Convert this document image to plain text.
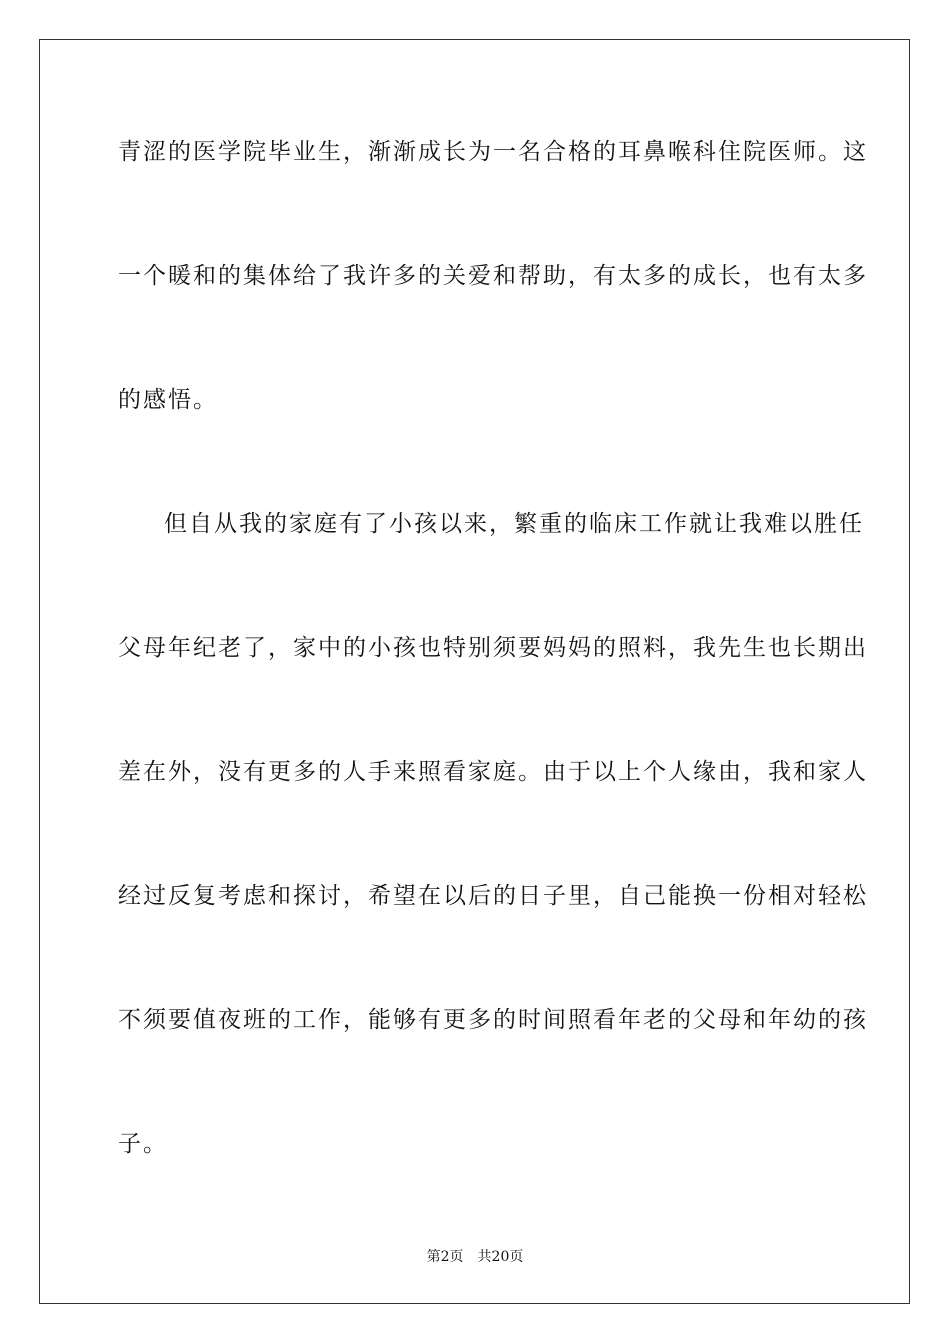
青涩的医学院毕业生，渐渐成长为一名合格的耳鼻喉科住院医师。这
一个暖和的集体给了我许多的关爱和帮助，有太多的成长，也有太多
的感悟。
但自从我的家庭有了小孩以来，繁重的临床工作就让我难以胜任
父母年纪老了，家中的小孩也特别须要妈妈的照料，我先生也长期出
差在外，没有更多的人手来照看家庭。由于以上个人缘由，我和家人
经过反复考虑和探讨，希望在以后的日子里，自己能换一份相对轻松
不须要值夜班的工作，能够有更多的时间照看年老的父母和年幼的孩
子。
第2页 共20页
